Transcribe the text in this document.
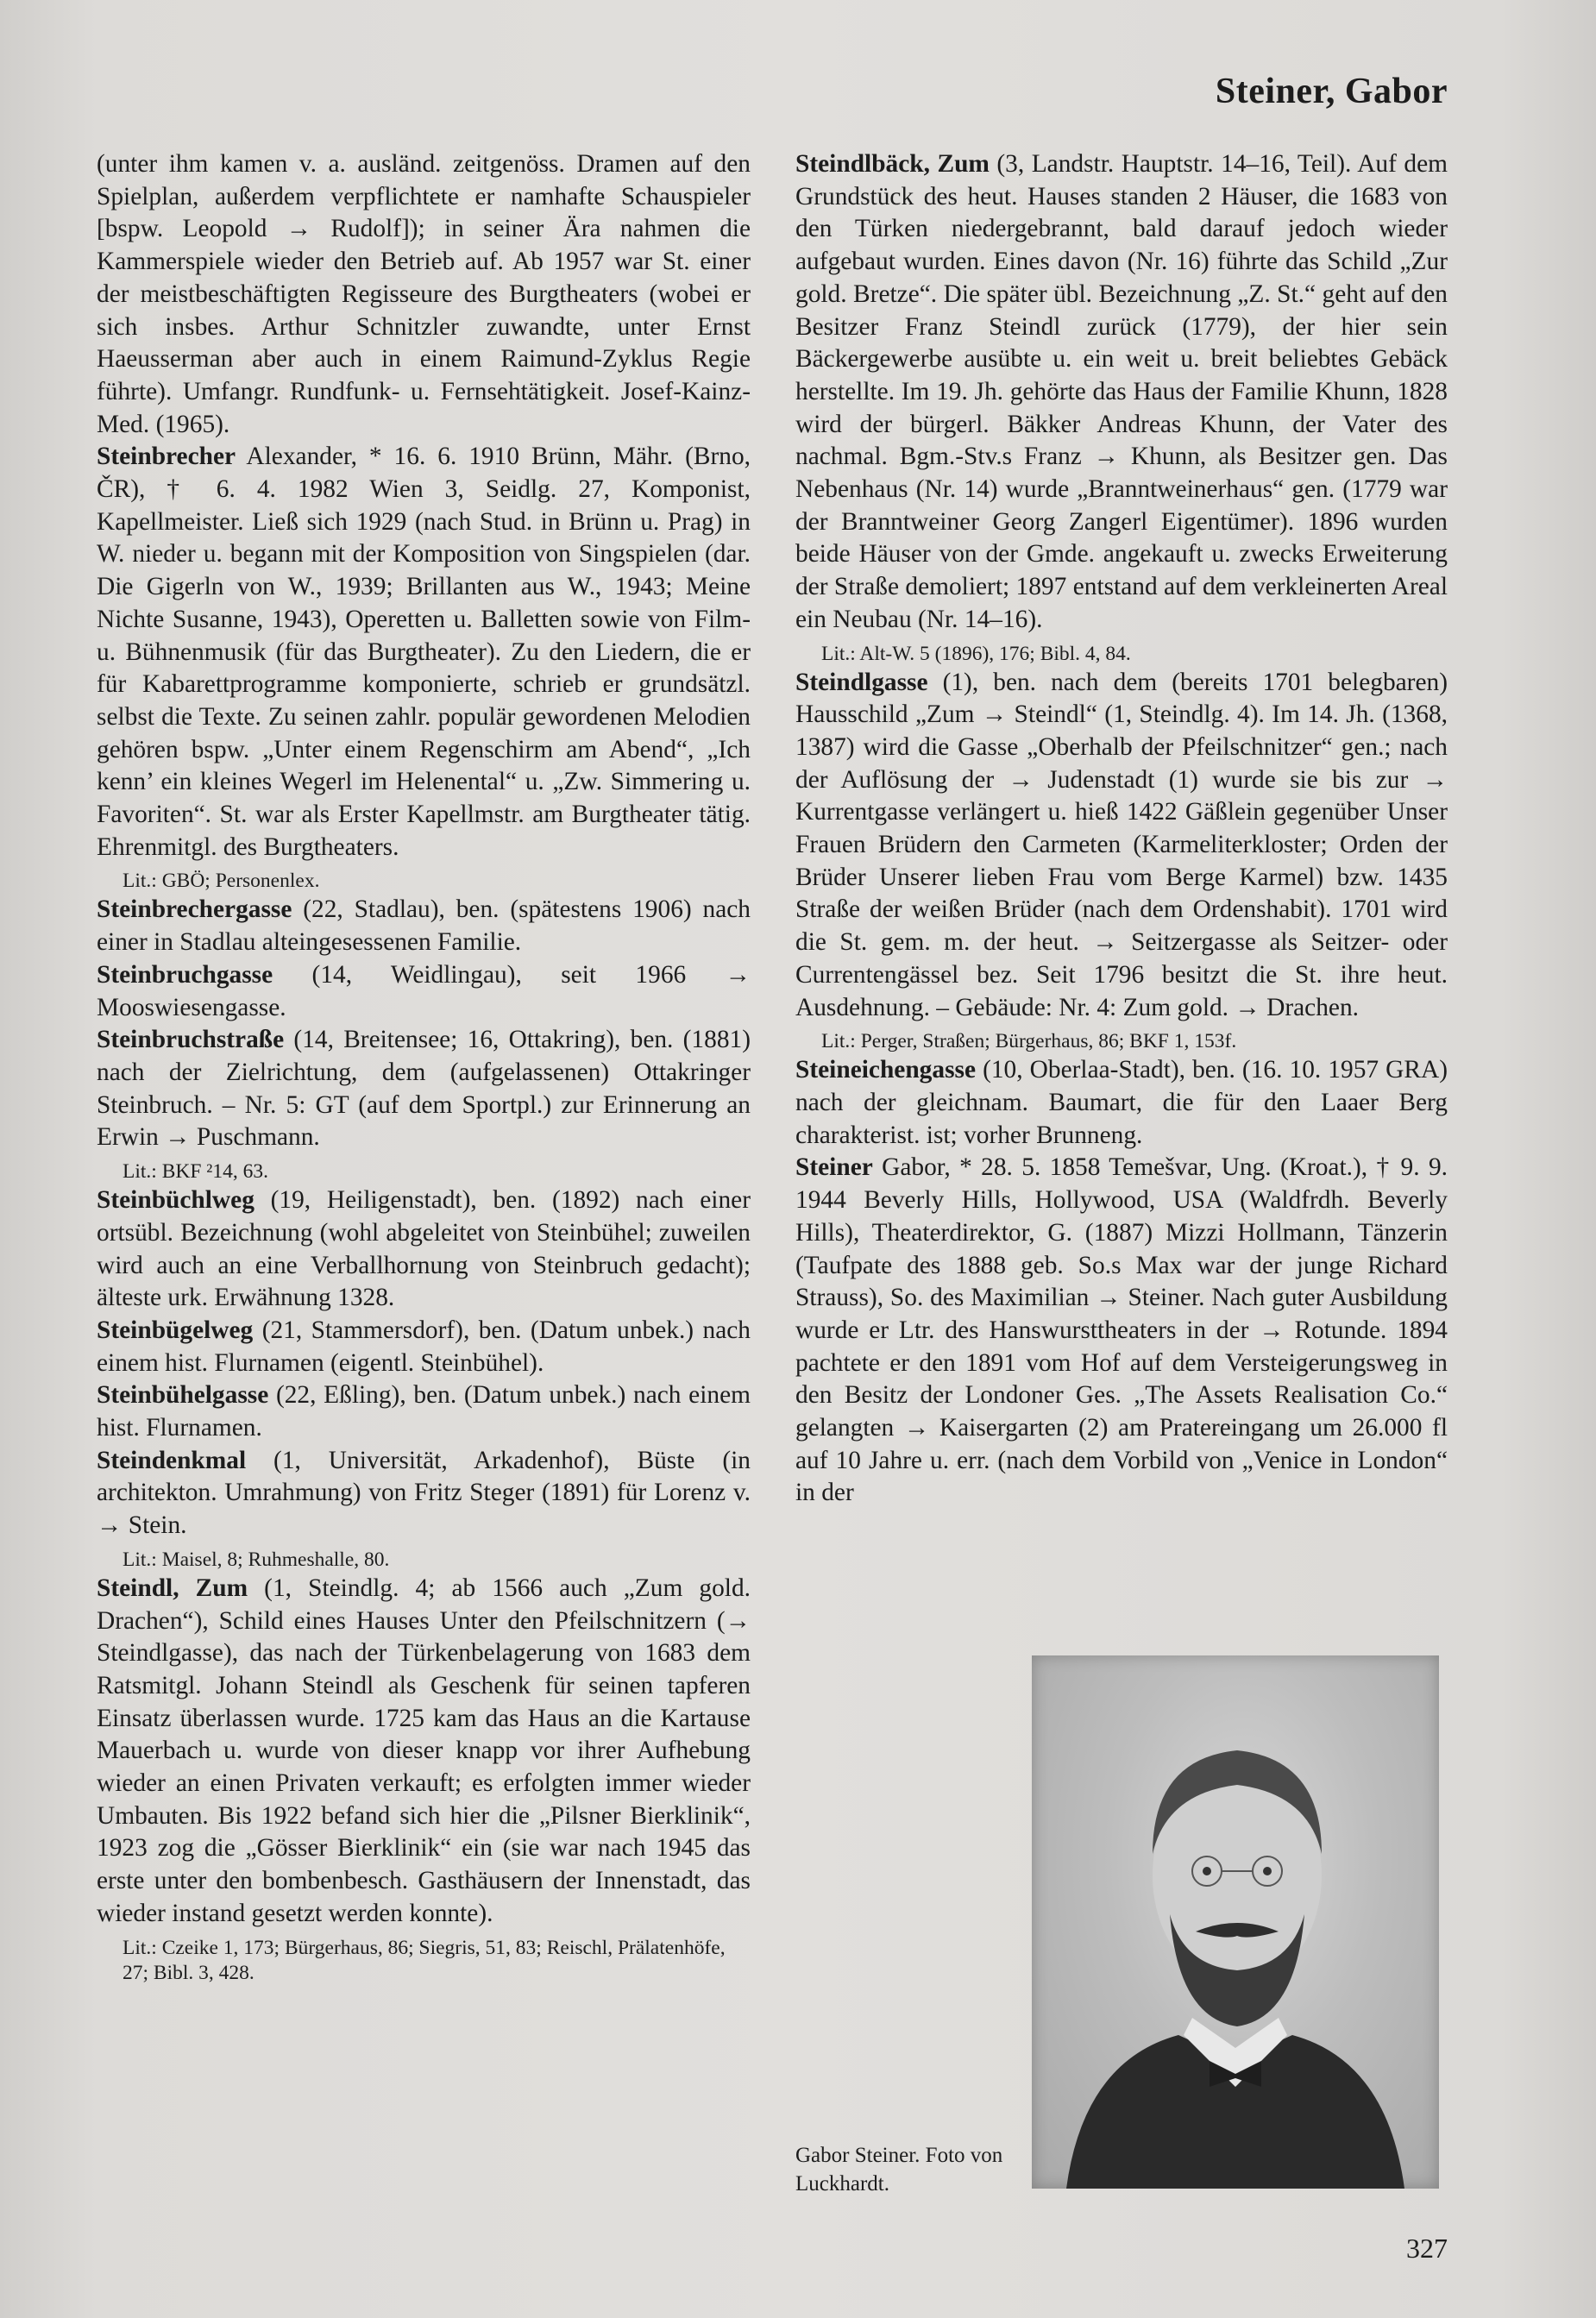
Steiner, Gabor

(unter ihm kamen v. a. ausländ. zeitgenöss. Dramen auf den Spielplan, außerdem verpflichtete er namhafte Schauspieler [bspw. Leopold → Rudolf]); in seiner Ära nahmen die Kammerspiele wieder den Betrieb auf. Ab 1957 war St. einer der meistbeschäftigten Regisseure des Burgtheaters (wobei er sich insbes. Arthur Schnitzler zuwandte, unter Ernst Haeusserman aber auch in einem Raimund-Zyklus Regie führte). Umfangr. Rundfunk- u. Fernsehtätigkeit. Josef-Kainz-Med. (1965).

Steinbrecher Alexander, * 16. 6. 1910 Brünn, Mähr. (Brno, ČR), † 6. 4. 1982 Wien 3, Seidlg. 27, Komponist, Kapellmeister. Ließ sich 1929 (nach Stud. in Brünn u. Prag) in W. nieder u. begann mit der Komposition von Singspielen (dar. Die Gigerln von W., 1939; Brillanten aus W., 1943; Meine Nichte Susanne, 1943), Operetten u. Balletten sowie von Film- u. Bühnenmusik (für das Burgtheater). Zu den Liedern, die er für Kabarettprogramme komponierte, schrieb er grundsätzl. selbst die Texte. Zu seinen zahlr. populär gewordenen Melodien gehören bspw. „Unter einem Regenschirm am Abend“, „Ich kenn’ ein kleines Wegerl im Helenental“ u. „Zw. Simmering u. Favoriten“. St. war als Erster Kapellmstr. am Burgtheater tätig. Ehrenmitgl. des Burgtheaters.

Lit.: GBÖ; Personenlex.

Steinbrechergasse (22, Stadlau), ben. (spätestens 1906) nach einer in Stadlau alteingesessenen Familie.

Steinbruchgasse (14, Weidlingau), seit 1966 → Mooswiesengasse.

Steinbruchstraße (14, Breitensee; 16, Ottakring), ben. (1881) nach der Zielrichtung, dem (aufgelassenen) Ottakringer Steinbruch. – Nr. 5: GT (auf dem Sportpl.) zur Erinnerung an Erwin → Puschmann.

Lit.: BKF ²14, 63.

Steinbüchlweg (19, Heiligenstadt), ben. (1892) nach einer ortsübl. Bezeichnung (wohl abgeleitet von Steinbühel; zuweilen wird auch an eine Verballhornung von Steinbruch gedacht); älteste urk. Erwähnung 1328.

Steinbügelweg (21, Stammersdorf), ben. (Datum unbek.) nach einem hist. Flurnamen (eigentl. Steinbühel).

Steinbühelgasse (22, Eßling), ben. (Datum unbek.) nach einem hist. Flurnamen.

Steindenkmal (1, Universität, Arkadenhof), Büste (in architekton. Umrahmung) von Fritz Steger (1891) für Lorenz v. → Stein.

Lit.: Maisel, 8; Ruhmeshalle, 80.

Steindl, Zum (1, Steindlg. 4; ab 1566 auch „Zum gold. Drachen“), Schild eines Hauses Unter den Pfeilschnitzern (→ Steindlgasse), das nach der Türkenbelagerung von 1683 dem Ratsmitgl. Johann Steindl als Geschenk für seinen tapferen Einsatz überlassen wurde. 1725 kam das Haus an die Kartause Mauerbach u. wurde von dieser knapp vor ihrer Aufhebung wieder an einen Privaten verkauft; es erfolgten immer wieder Umbauten. Bis 1922 befand sich hier die „Pilsner Bierklinik“, 1923 zog die „Gösser Bierklinik“ ein (sie war nach 1945 das erste unter den bombenbesch. Gasthäusern der Innenstadt, das wieder instand gesetzt werden konnte).

Lit.: Czeike 1, 173; Bürgerhaus, 86; Siegris, 51, 83; Reischl, Prälatenhöfe, 27; Bibl. 3, 428.

Steindlbäck, Zum (3, Landstr. Hauptstr. 14–16, Teil). Auf dem Grundstück des heut. Hauses standen 2 Häuser, die 1683 von den Türken niedergebrannt, bald darauf jedoch wieder aufgebaut wurden. Eines davon (Nr. 16) führte das Schild „Zur gold. Bretze“. Die später übl. Bezeichnung „Z. St.“ geht auf den Besitzer Franz Steindl zurück (1779), der hier sein Bäckergewerbe ausübte u. ein weit u. breit beliebtes Gebäck herstellte. Im 19. Jh. gehörte das Haus der Familie Khunn, 1828 wird der bürgerl. Bäkker Andreas Khunn, der Vater des nachmal. Bgm.-Stv.s Franz → Khunn, als Besitzer gen. Das Nebenhaus (Nr. 14) wurde „Branntweinerhaus“ gen. (1779 war der Branntweiner Georg Zangerl Eigentümer). 1896 wurden beide Häuser von der Gmde. angekauft u. zwecks Erweiterung der Straße demoliert; 1897 entstand auf dem verkleinerten Areal ein Neubau (Nr. 14–16).

Lit.: Alt-W. 5 (1896), 176; Bibl. 4, 84.

Steindlgasse (1), ben. nach dem (bereits 1701 belegbaren) Hausschild „Zum → Steindl“ (1, Steindlg. 4). Im 14. Jh. (1368, 1387) wird die Gasse „Oberhalb der Pfeilschnitzer“ gen.; nach der Auflösung der → Judenstadt (1) wurde sie bis zur → Kurrentgasse verlängert u. hieß 1422 Gäßlein gegenüber Unser Frauen Brüdern den Carmeten (Karmeliterkloster; Orden der Brüder Unserer lieben Frau vom Berge Karmel) bzw. 1435 Straße der weißen Brüder (nach dem Ordenshabit). 1701 wird die St. gem. m. der heut. → Seitzergasse als Seitzer- oder Currentengässel bez. Seit 1796 besitzt die St. ihre heut. Ausdehnung. – Gebäude: Nr. 4: Zum gold. → Drachen.

Lit.: Perger, Straßen; Bürgerhaus, 86; BKF 1, 153f.

Steineichengasse (10, Oberlaa-Stadt), ben. (16. 10. 1957 GRA) nach der gleichnam. Baumart, die für den Laaer Berg charakterist. ist; vorher Brunneng.

Steiner Gabor, * 28. 5. 1858 Temešvar, Ung. (Kroat.), † 9. 9. 1944 Beverly Hills, Hollywood, USA (Waldfrdh. Beverly Hills), Theaterdirektor, G. (1887) Mizzi Hollmann, Tänzerin (Taufpate des 1888 geb. So.s Max war der junge Richard Strauss), So. des Maximilian → Steiner. Nach guter Ausbildung wurde er Ltr. des Hanswursttheaters in der → Rotunde. 1894 pachtete er den 1891 vom Hof auf dem Versteigerungsweg in den Besitz der Londoner Ges. „The Assets Realisation Co.“ gelangten → Kaisergarten (2) am Pratereingang um 26.000 fl auf 10 Jahre u. err. (nach dem Vorbild von „Venice in London“ in der

Gabor Steiner. Foto von Luckhardt.
327
